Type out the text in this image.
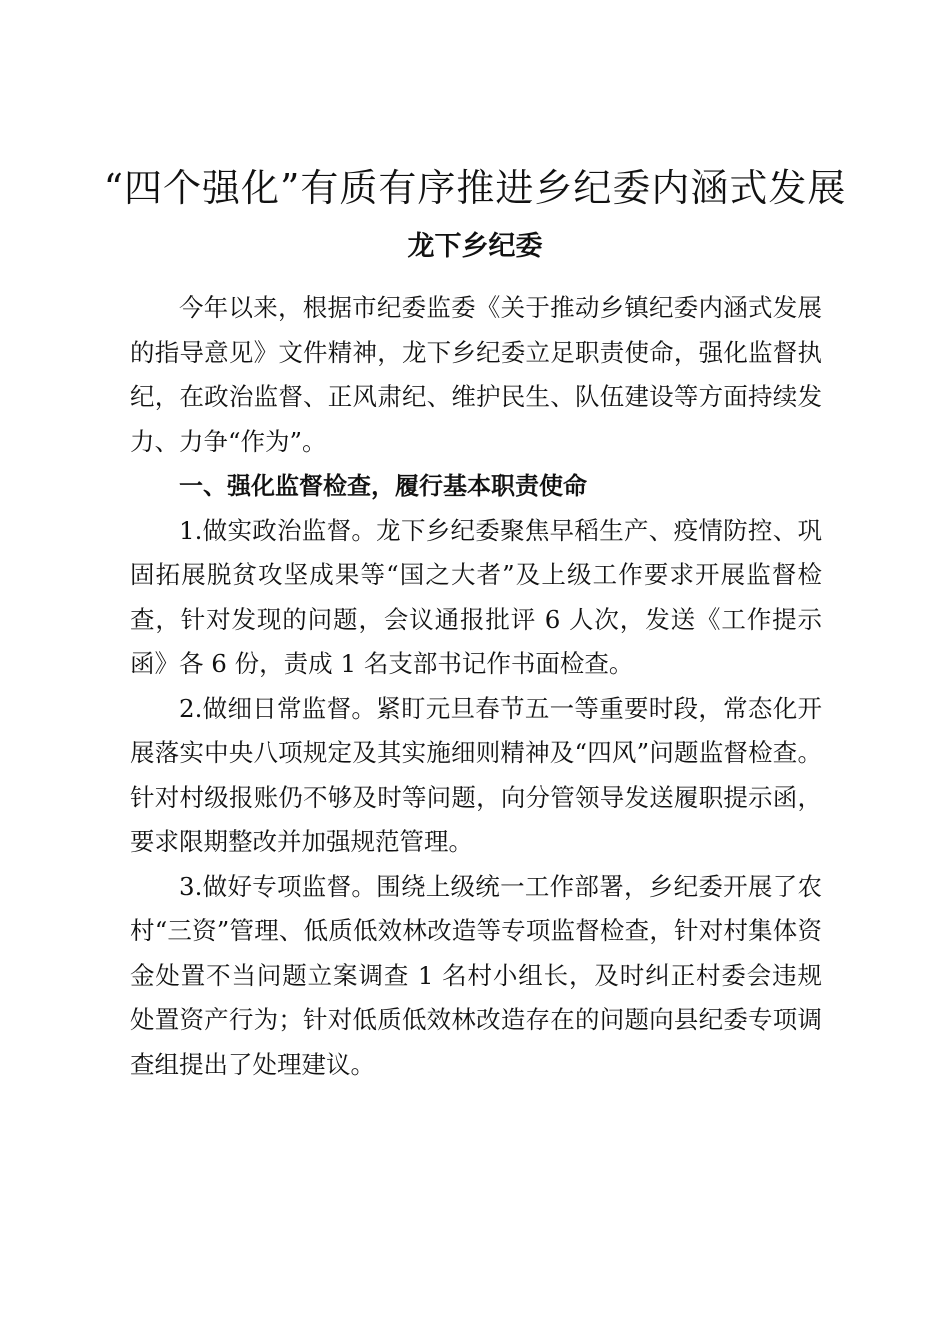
“四个强化”有质有序推进乡纪委内涵式发展
龙下乡纪委

今年以来，根据市纪委监委《关于推动乡镇纪委内涵式发展的指导意见》文件精神，龙下乡纪委立足职责使命，强化监督执纪，在政治监督、正风肃纪、维护民生、队伍建设等方面持续发力、力争“作为”。

一、强化监督检查，履行基本职责使命

1.做实政治监督。龙下乡纪委聚焦早稻生产、疫情防控、巩固拓展脱贫攻坚成果等“国之大者”及上级工作要求开展监督检查，针对发现的问题，会议通报批评 6 人次，发送《工作提示函》各 6 份，责成 1 名支部书记作书面检查。

2.做细日常监督。紧盯元旦春节五一等重要时段，常态化开展落实中央八项规定及其实施细则精神及“四风”问题监督检查。针对村级报账仍不够及时等问题，向分管领导发送履职提示函，要求限期整改并加强规范管理。

3.做好专项监督。围绕上级统一工作部署，乡纪委开展了农村“三资”管理、低质低效林改造等专项监督检查，针对村集体资金处置不当问题立案调查 1 名村小组长，及时纠正村委会违规处置资产行为；针对低质低效林改造存在的问题向县纪委专项调查组提出了处理建议。
